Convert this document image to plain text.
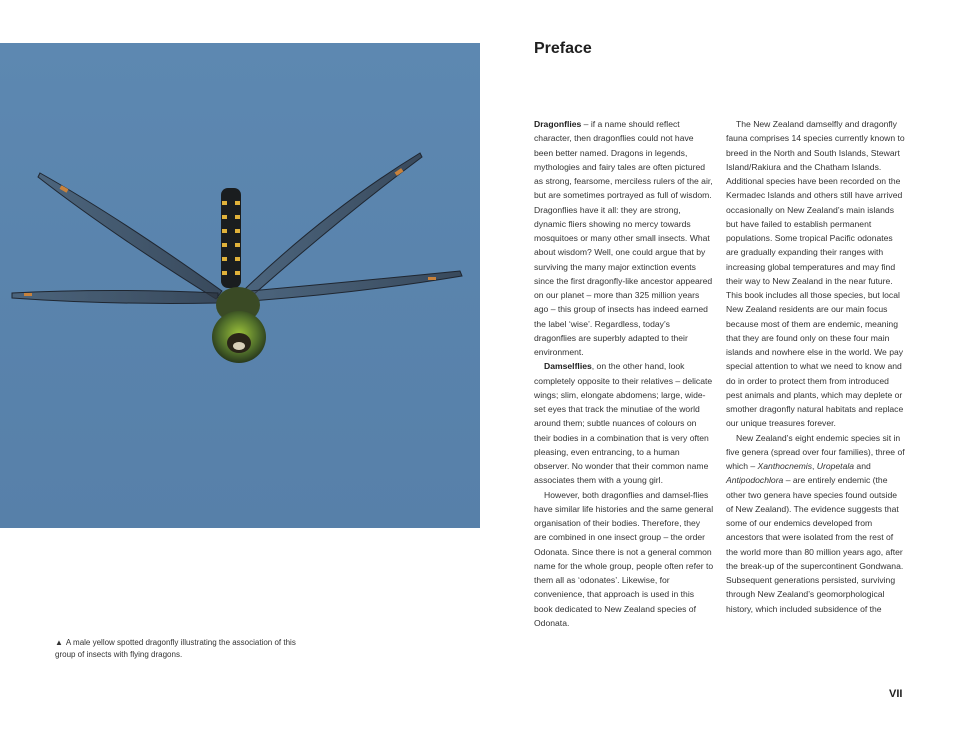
▲ A male yellow spotted dragonfly illustrating the association of this group of insects with flying dragons.
Preface

Dragonflies – if a name should reflect character, then dragonflies could not have been better named. Dragons in legends, mythologies and fairy tales are often pictured as strong, fearsome, merciless rulers of the air, but are sometimes portrayed as full of wisdom. Dragonflies have it all: they are strong, dynamic fliers showing no mercy towards mosquitoes or many other small insects. What about wisdom? Well, one could argue that by surviving the many major extinction events since the first dragonfly-like ancestor appeared on our planet – more than 325 million years ago – this group of insects has indeed earned the label ‘wise’. Regardless, today’s dragonflies are superbly adapted to their environment.

Damselflies, on the other hand, look completely opposite to their relatives – delicate wings; slim, elongate abdomens; large, wide-set eyes that track the minutiae of the world around them; subtle nuances of colours on their bodies in a combination that is very often pleasing, even entrancing, to a human observer. No wonder that their common name associates them with a young girl.

However, both dragonflies and damsel-flies have similar life histories and the same general organisation of their bodies. Therefore, they are combined in one insect group – the order Odonata. Since there is not a general common name for the whole group, people often refer to them all as ‘odonates’. Likewise, for convenience, that approach is used in this book dedicated to New Zealand species of Odonata.

The New Zealand damselfly and dragonfly fauna comprises 14 species currently known to breed in the North and South Islands, Stewart Island/Rakiura and the Chatham Islands. Additional species have been recorded on the Kermadec Islands and others still have arrived occasionally on New Zealand’s main islands but have failed to establish permanent populations. Some tropical Pacific odonates are gradually expanding their ranges with increasing global temperatures and may find their way to New Zealand in the near future. This book includes all those species, but local New Zealand residents are our main focus because most of them are endemic, meaning that they are found only on these four main islands and nowhere else in the world. We pay special attention to what we need to know and do in order to protect them from introduced pest animals and plants, which may deplete or smother dragonfly natural habitats and replace our unique treasures forever.

New Zealand’s eight endemic species sit in five genera (spread over four families), three of which – Xanthocnemis, Uropetala and Antipodochlora – are entirely endemic (the other two genera have species found outside of New Zealand). The evidence suggests that some of our endemics developed from ancestors that were isolated from the rest of the world more than 80 million years ago, after the break-up of the supercontinent Gondwana. Subsequent generations persisted, surviving through New Zealand’s geomorphological history, which included subsidence of the

VII
